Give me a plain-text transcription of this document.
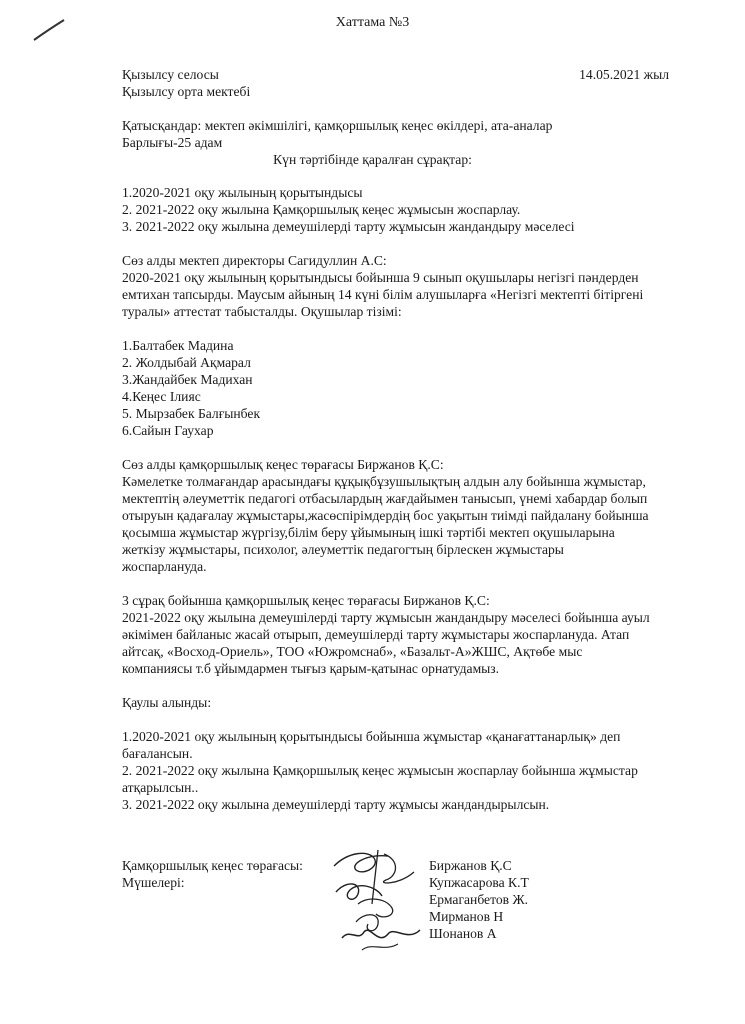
Хаттама №3
Қызылсу селосы	14.05.2021 жыл
Қызылсу орта мектебі
Қатысқандар: мектеп әкімшілігі, қамқоршылық кеңес өкілдері, ата-аналар
Барлығы-25 адам
Күн тәртібінде қаралған сұрақтар:
1.2020-2021 оқу жылының қорытындысы
2. 2021-2022 оқу жылына Қамқоршылық кеңес жұмысын жоспарлау.
3. 2021-2022 оқу жылына демеушілерді тарту жұмысын жандандыру мәселесі
Сөз алды мектеп директоры Сагидуллин А.С:
2020-2021 оқу жылының қорытындысы бойынша 9 сынып оқушылары негізгі пәндерден
емтихан тапсырды. Маусым айының 14 күні білім алушыларға «Негізгі мектепті бітіргені
туралы» аттестат табысталды. Оқушылар тізімі:
1.Балтабек Мадина
2. Жолдыбай Ақмарал
3.Жандайбек Мадихан
4.Кеңес Ілияс
5. Мырзабек Балғынбек
6.Сайын Гаухар
Сөз алды қамқоршылық кеңес төрағасы Биржанов Қ.С:
Кәмелетке толмағандар арасындағы құқықбұзушылықтың алдын алу бойынша жұмыстар,
мектептің әлеуметтік педагогі отбасылардың жағдайымен танысып, үнемі хабардар болып
отыруын қадағалау жұмыстары,жасөспірімдердің бос уақытын тиімді пайдалану бойынша
қосымша жұмыстар жүргізу,білім беру ұйымының ішкі тәртібі мектеп оқушыларына
жеткізу жұмыстары, психолог, әлеуметтік педагогтың бірлескен жұмыстары
жоспарлануда.
3 сұрақ бойынша қамқоршылық кеңес төрағасы Биржанов Қ.С:
2021-2022 оқу жылына демеушілерді тарту жұмысын жандандыру мәселесі бойынша ауыл
әкімімен байланыс жасай отырып, демеушілерді тарту жұмыстары жоспарлануда. Атап
айтсақ, «Восход-Ориель», ТОО «Южромснаб», «Базальт-А»ЖШС, Ақтөбе мыс
компаниясы т.б ұйымдармен тығыз қарым-қатынас орнатудамыз.
Қаулы алынды:
1.2020-2021 оқу жылының қорытындысы бойынша жұмыстар «қанағаттанарлық» деп
бағалансын.
2. 2021-2022 оқу жылына Қамқоршылық кеңес жұмысын жоспарлау бойынша жұмыстар
атқарылсын..
3. 2021-2022 оқу жылына демеушілерді тарту жұмысы жандандырылсын.
Қамқоршылық кеңес төрағасы:
Мүшелері:
Биржанов Қ.С
Купжасарова К.Т
Ермаганбетов Ж.
Мирманов Н
Шонанов А
